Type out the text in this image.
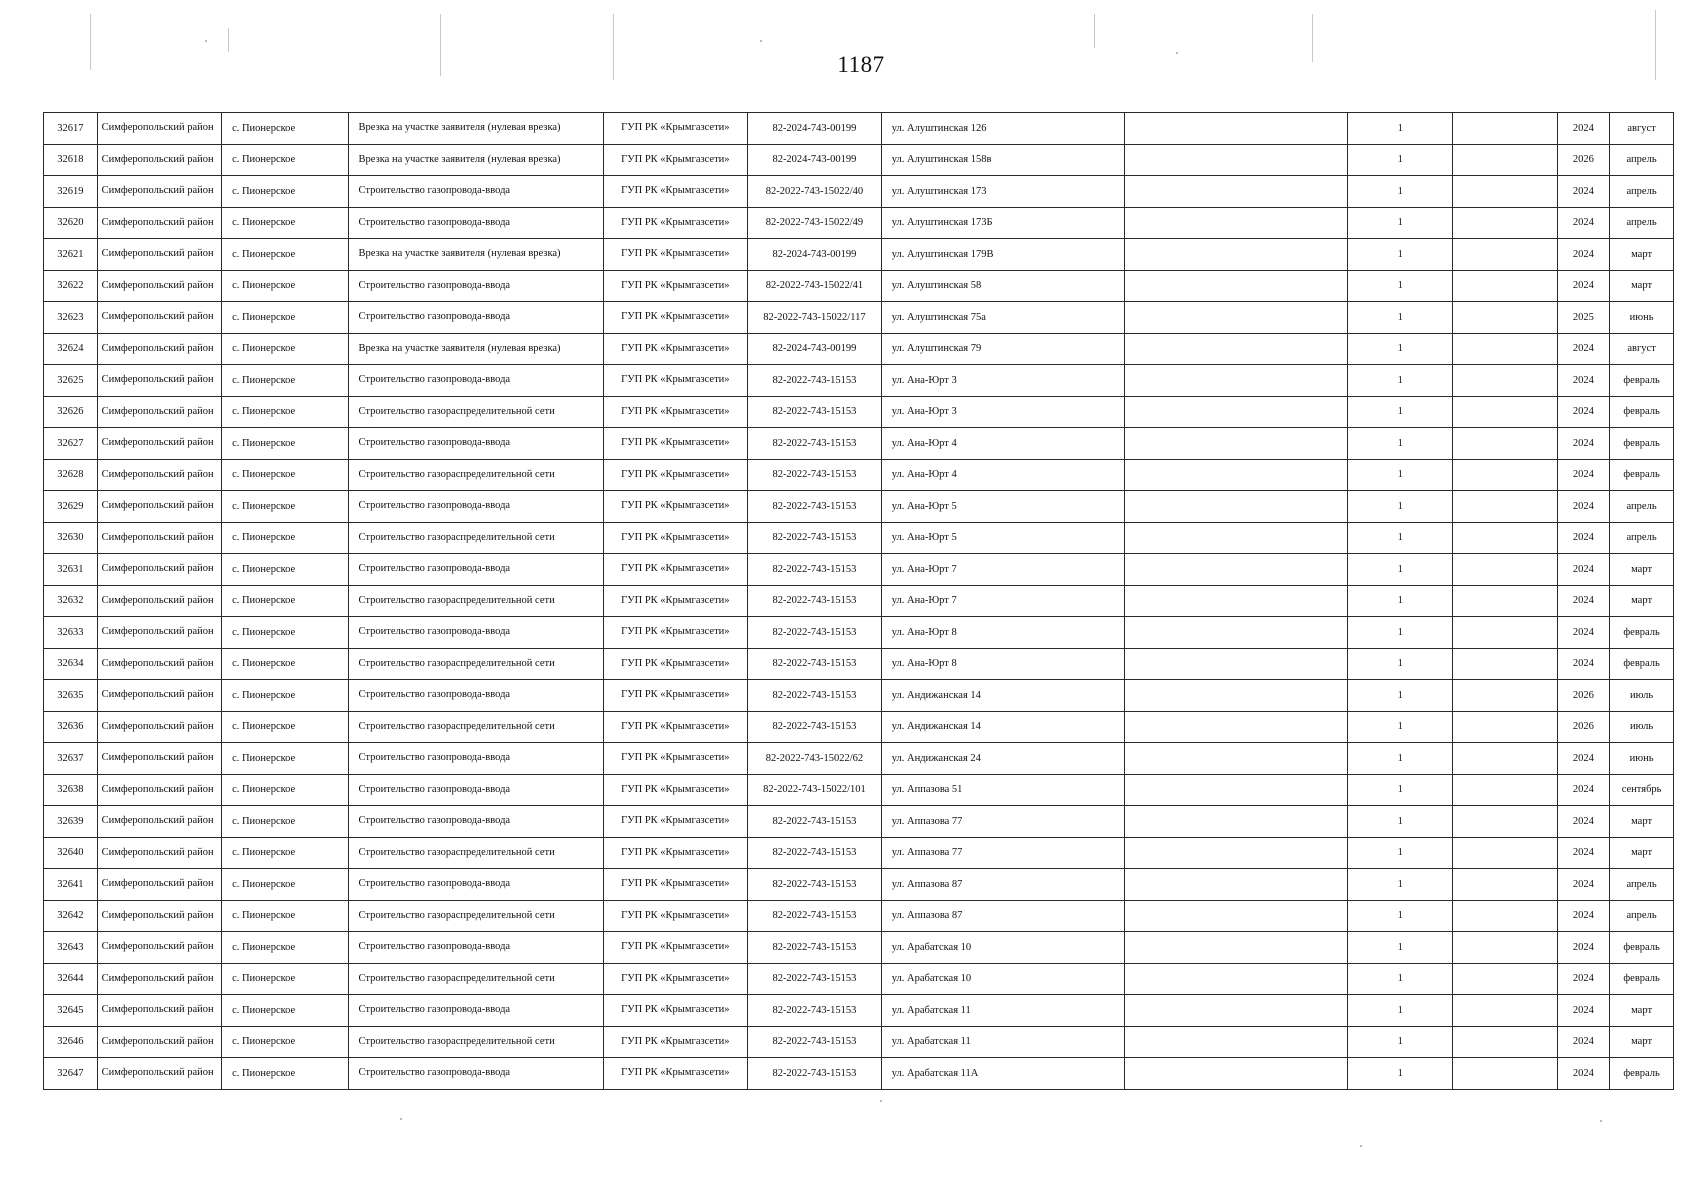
1187
32617	Симферопольский район	с. Пионерское	Врезка на участке заявителя (нулевая врезка)	ГУП РК «Крымгазсети»	82-2024-743-00199	ул. Алуштинская 126		1		2024	август
32618	Симферопольский район	с. Пионерское	Врезка на участке заявителя (нулевая врезка)	ГУП РК «Крымгазсети»	82-2024-743-00199	ул. Алуштинская 158в		1		2026	апрель
32619	Симферопольский район	с. Пионерское	Строительство газопровода-ввода	ГУП РК «Крымгазсети»	82-2022-743-15022/40	ул. Алуштинская 173		1		2024	апрель
32620	Симферопольский район	с. Пионерское	Строительство газопровода-ввода	ГУП РК «Крымгазсети»	82-2022-743-15022/49	ул. Алуштинская 173Б		1		2024	апрель
32621	Симферопольский район	с. Пионерское	Врезка на участке заявителя (нулевая врезка)	ГУП РК «Крымгазсети»	82-2024-743-00199	ул. Алуштинская 179В		1		2024	март
32622	Симферопольский район	с. Пионерское	Строительство газопровода-ввода	ГУП РК «Крымгазсети»	82-2022-743-15022/41	ул. Алуштинская 58		1		2024	март
32623	Симферопольский район	с. Пионерское	Строительство газопровода-ввода	ГУП РК «Крымгазсети»	82-2022-743-15022/117	ул. Алуштинская 75а		1		2025	июнь
32624	Симферопольский район	с. Пионерское	Врезка на участке заявителя (нулевая врезка)	ГУП РК «Крымгазсети»	82-2024-743-00199	ул. Алуштинская 79		1		2024	август
32625	Симферопольский район	с. Пионерское	Строительство газопровода-ввода	ГУП РК «Крымгазсети»	82-2022-743-15153	ул. Ана-Юрт 3		1		2024	февраль
32626	Симферопольский район	с. Пионерское	Строительство газораспределительной сети	ГУП РК «Крымгазсети»	82-2022-743-15153	ул. Ана-Юрт 3		1		2024	февраль
32627	Симферопольский район	с. Пионерское	Строительство газопровода-ввода	ГУП РК «Крымгазсети»	82-2022-743-15153	ул. Ана-Юрт 4		1		2024	февраль
32628	Симферопольский район	с. Пионерское	Строительство газораспределительной сети	ГУП РК «Крымгазсети»	82-2022-743-15153	ул. Ана-Юрт 4		1		2024	февраль
32629	Симферопольский район	с. Пионерское	Строительство газопровода-ввода	ГУП РК «Крымгазсети»	82-2022-743-15153	ул. Ана-Юрт 5		1		2024	апрель
32630	Симферопольский район	с. Пионерское	Строительство газораспределительной сети	ГУП РК «Крымгазсети»	82-2022-743-15153	ул. Ана-Юрт 5		1		2024	апрель
32631	Симферопольский район	с. Пионерское	Строительство газопровода-ввода	ГУП РК «Крымгазсети»	82-2022-743-15153	ул. Ана-Юрт 7		1		2024	март
32632	Симферопольский район	с. Пионерское	Строительство газораспределительной сети	ГУП РК «Крымгазсети»	82-2022-743-15153	ул. Ана-Юрт 7		1		2024	март
32633	Симферопольский район	с. Пионерское	Строительство газопровода-ввода	ГУП РК «Крымгазсети»	82-2022-743-15153	ул. Ана-Юрт 8		1		2024	февраль
32634	Симферопольский район	с. Пионерское	Строительство газораспределительной сети	ГУП РК «Крымгазсети»	82-2022-743-15153	ул. Ана-Юрт 8		1		2024	февраль
32635	Симферопольский район	с. Пионерское	Строительство газопровода-ввода	ГУП РК «Крымгазсети»	82-2022-743-15153	ул. Андижанская 14		1		2026	июль
32636	Симферопольский район	с. Пионерское	Строительство газораспределительной сети	ГУП РК «Крымгазсети»	82-2022-743-15153	ул. Андижанская 14		1		2026	июль
32637	Симферопольский район	с. Пионерское	Строительство газопровода-ввода	ГУП РК «Крымгазсети»	82-2022-743-15022/62	ул. Андижанская 24		1		2024	июнь
32638	Симферопольский район	с. Пионерское	Строительство газопровода-ввода	ГУП РК «Крымгазсети»	82-2022-743-15022/101	ул. Аппазова 51		1		2024	сентябрь
32639	Симферопольский район	с. Пионерское	Строительство газопровода-ввода	ГУП РК «Крымгазсети»	82-2022-743-15153	ул. Аппазова 77		1		2024	март
32640	Симферопольский район	с. Пионерское	Строительство газораспределительной сети	ГУП РК «Крымгазсети»	82-2022-743-15153	ул. Аппазова 77		1		2024	март
32641	Симферопольский район	с. Пионерское	Строительство газопровода-ввода	ГУП РК «Крымгазсети»	82-2022-743-15153	ул. Аппазова 87		1		2024	апрель
32642	Симферопольский район	с. Пионерское	Строительство газораспределительной сети	ГУП РК «Крымгазсети»	82-2022-743-15153	ул. Аппазова 87		1		2024	апрель
32643	Симферопольский район	с. Пионерское	Строительство газопровода-ввода	ГУП РК «Крымгазсети»	82-2022-743-15153	ул. Арабатская 10		1		2024	февраль
32644	Симферопольский район	с. Пионерское	Строительство газораспределительной сети	ГУП РК «Крымгазсети»	82-2022-743-15153	ул. Арабатская 10		1		2024	февраль
32645	Симферопольский район	с. Пионерское	Строительство газопровода-ввода	ГУП РК «Крымгазсети»	82-2022-743-15153	ул. Арабатская 11		1		2024	март
32646	Симферопольский район	с. Пионерское	Строительство газораспределительной сети	ГУП РК «Крымгазсети»	82-2022-743-15153	ул. Арабатская 11		1		2024	март
32647	Симферопольский район	с. Пионерское	Строительство газопровода-ввода	ГУП РК «Крымгазсети»	82-2022-743-15153	ул. Арабатская 11А		1		2024	февраль
